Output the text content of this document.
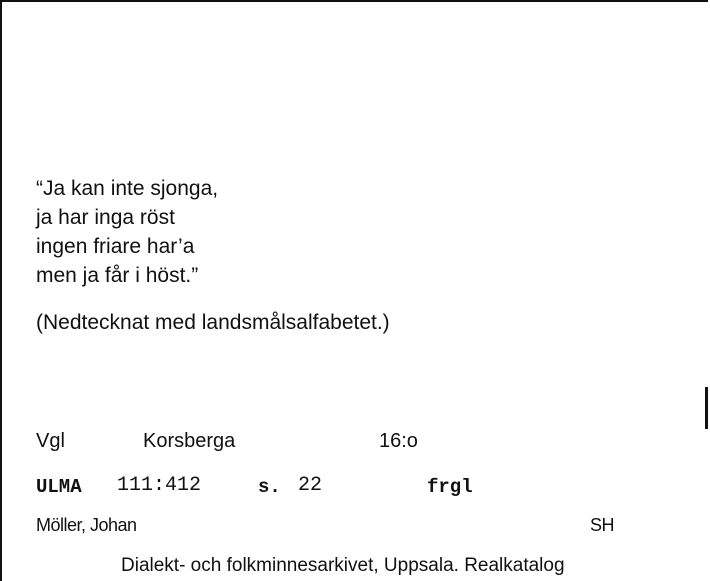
“Ja kan inte sjonga,
ja har inga röst
ingen friare har’a
men ja får i höst.”
(Nedtecknat med landsmålsalfabetet.)
Vgl	Korsberga	16:o
ULMA 111:412	s. 22	frgl
Möller, Johan	SH
Dialekt- och folkminnesarkivet, Uppsala. Realkatalog
